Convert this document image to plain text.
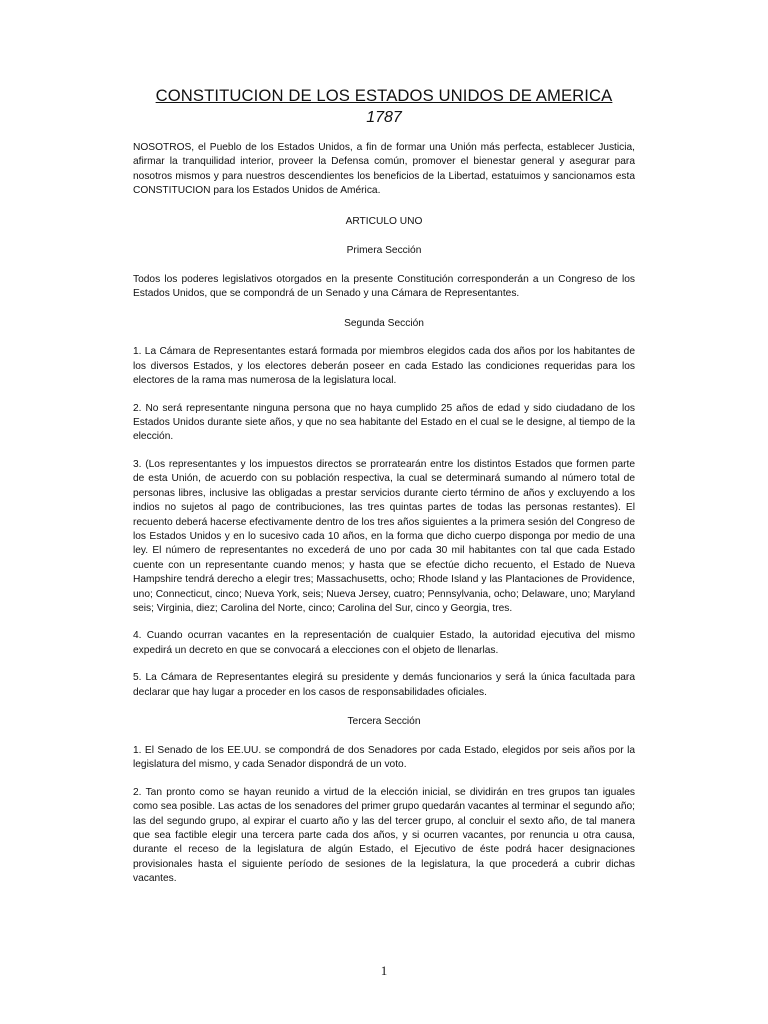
CONSTITUCION DE LOS ESTADOS UNIDOS DE AMERICA

1787

NOSOTROS, el Pueblo de los Estados Unidos, a fin de formar una Unión más perfecta, establecer Justicia, afirmar la tranquilidad interior, proveer la Defensa común, promover el bienestar general y asegurar para nosotros mismos y para nuestros descendientes los beneficios de la Libertad, estatuimos y sancionamos esta CONSTITUCION para los Estados Unidos de América.

ARTICULO UNO

Primera Sección

Todos los poderes legislativos otorgados en la presente Constitución corresponderán a un Congreso de los Estados Unidos, que se compondrá de un Senado y una Cámara de Representantes.

Segunda Sección

1. La Cámara de Representantes estará formada por miembros elegidos cada dos años por los habitantes de los diversos Estados, y los electores deberán poseer en cada Estado las condiciones requeridas para los electores de la rama mas numerosa de la legislatura local.

2. No será representante ninguna persona que no haya cumplido 25 años de edad y sido ciudadano de los Estados Unidos durante siete años, y que no sea habitante del Estado en el cual se le designe, al tiempo de la elección.

3. (Los representantes y los impuestos directos se prorratearán entre los distintos Estados que formen parte de esta Unión, de acuerdo con su población respectiva, la cual se determinará sumando al número total de personas libres, inclusive las obligadas a prestar servicios durante cierto término de años y excluyendo a los indios no sujetos al pago de contribuciones, las tres quintas partes de todas las personas restantes). El recuento deberá hacerse efectivamente dentro de los tres años siguientes a la primera sesión del Congreso de los Estados Unidos y en lo sucesivo cada 10 años, en la forma que dicho cuerpo disponga por medio de una ley. El número de representantes no excederá de uno por cada 30 mil habitantes con tal que cada Estado cuente con un representante cuando menos; y hasta que se efectúe dicho recuento, el Estado de Nueva Hampshire tendrá derecho a elegir tres; Massachusetts, ocho; Rhode Island y las Plantaciones de Providence, uno; Connecticut, cinco; Nueva York, seis; Nueva Jersey, cuatro; Pennsylvania, ocho; Delaware, uno; Maryland seis; Virginia, diez; Carolina del Norte, cinco; Carolina del Sur, cinco y Georgia, tres.

4. Cuando ocurran vacantes en la representación de cualquier Estado, la autoridad ejecutiva del mismo expedirá un decreto en que se convocará a elecciones con el objeto de llenarlas.

5. La Cámara de Representantes elegirá su presidente y demás funcionarios y será la única facultada para declarar que hay lugar a proceder en los casos de responsabilidades oficiales.

Tercera Sección

1. El Senado de los EE.UU. se compondrá de dos Senadores por cada Estado, elegidos por seis años por la legislatura del mismo, y cada Senador dispondrá de un voto.

2. Tan pronto como se hayan reunido a virtud de la elección inicial, se dividirán en tres grupos tan iguales como sea posible. Las actas de los senadores del primer grupo quedarán vacantes al terminar el segundo año; las del segundo grupo, al expirar el cuarto año y las del tercer grupo, al concluir el sexto año, de tal manera que sea factible elegir una tercera parte cada dos años, y si ocurren vacantes, por renuncia u otra causa, durante el receso de la legislatura de algún Estado, el Ejecutivo de éste podrá hacer designaciones provisionales hasta el siguiente período de sesiones de la legislatura, la que procederá a cubrir dichas vacantes.

1
